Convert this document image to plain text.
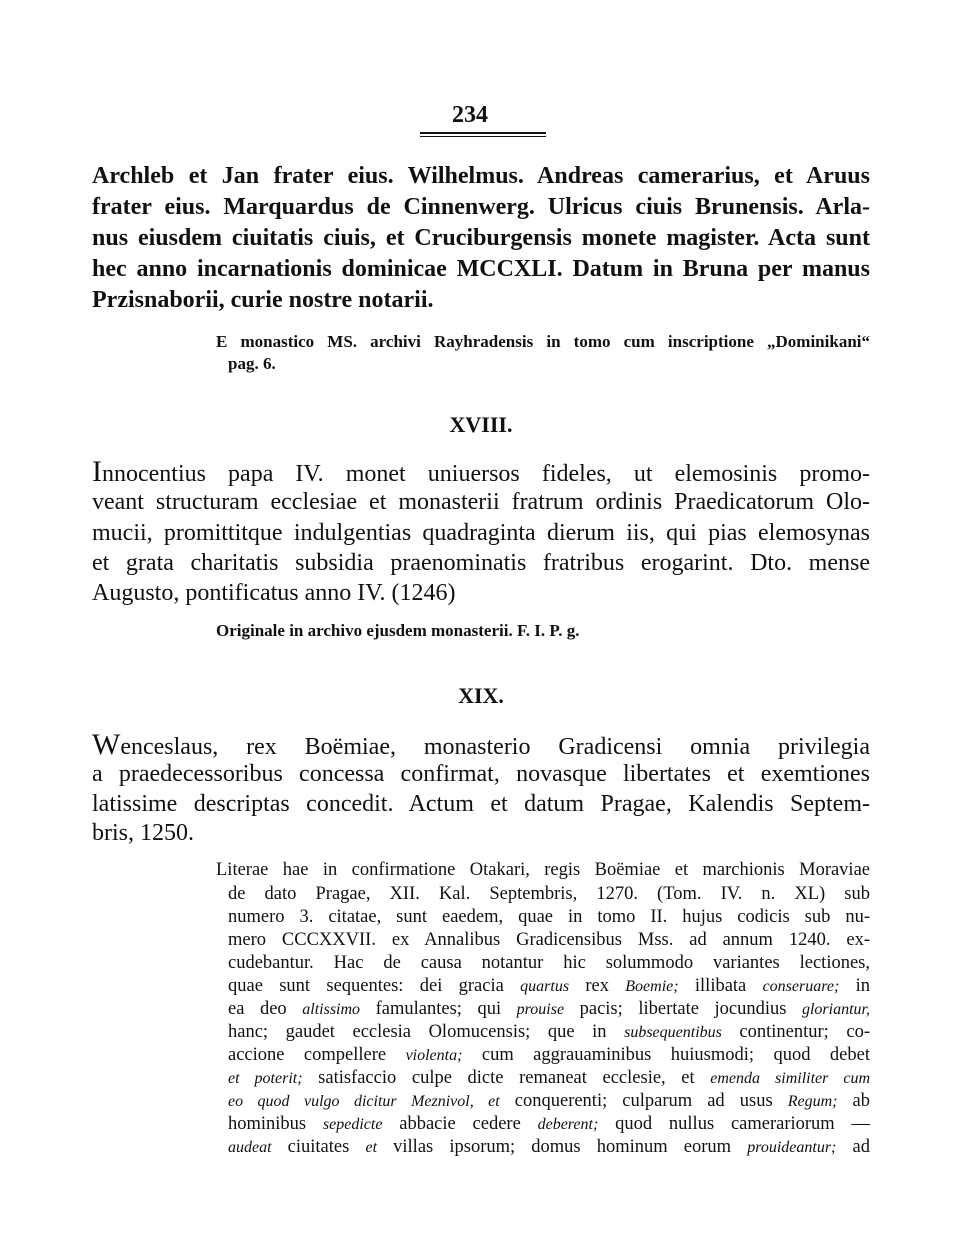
234
Archleb et Jan frater eius. Wilhelmus. Andreas camerarius, et Aruus
frater eius. Marquardus de Cinnenwerg. Ulricus ciuis Brunensis. Arla-
nus eiusdem ciuitatis ciuis, et Cruciburgensis monete magister. Acta sunt
hec anno incarnationis dominicae MCCXLI. Datum in Bruna per manus
Przisnaborii, curie nostre notarii.
E monastico MS. archivi Rayhradensis in tomo cum inscriptione „Dominikani“
pag. 6.
XVIII.
Innocentius papa IV. monet uniuersos fideles, ut elemosinis promo-
veant structuram ecclesiae et monasterii fratrum ordinis Praedicatorum Olo-
mucii, promittitque indulgentias quadraginta dierum iis, qui pias elemosynas
et grata charitatis subsidia praenominatis fratribus erogarint. Dto. mense
Augusto, pontificatus anno IV. (1246)
Originale in archivo ejusdem monasterii. F. I. P. g.
XIX.
Wenceslaus, rex Boëmiae, monasterio Gradicensi omnia privilegia
a praedecessoribus concessa confirmat, novasque libertates et exemtiones
latissime descriptas concedit. Actum et datum Pragae, Kalendis Septem-
bris, 1250.
Literae hae in confirmatione Otakari, regis Boëmiae et marchionis Moraviae
de dato Pragae, XII. Kal. Septembris, 1270. (Tom. IV. n. XL) sub
numero 3. citatae, sunt eaedem, quae in tomo II. hujus codicis sub nu-
mero CCCXXVII. ex Annalibus Gradicensibus Mss. ad annum 1240. ex-
cudebantur. Hac de causa notantur hic solummodo variantes lectiones,
quae sunt sequentes: dei gracia quartus rex Boemie; illibata conseruare; in
ea deo altissimo famulantes; qui prouise pacis; libertate jocundius gloriantur,
hanc; gaudet ecclesia Olomucensis; que in subsequentibus continentur; co-
accione compellere violenta; cum aggrauaminibus huiusmodi; quod debet
et poterit; satisfaccio culpe dicte remaneat ecclesie, et emenda similiter cum
eo quod vulgo dicitur Meznivol, et conquerenti; culparum ad usus Regum; ab
hominibus sepedicte abbacie cedere deberent; quod nullus camerariorum —
audeat ciuitates et villas ipsorum; domus hominum eorum prouideantur; ad
